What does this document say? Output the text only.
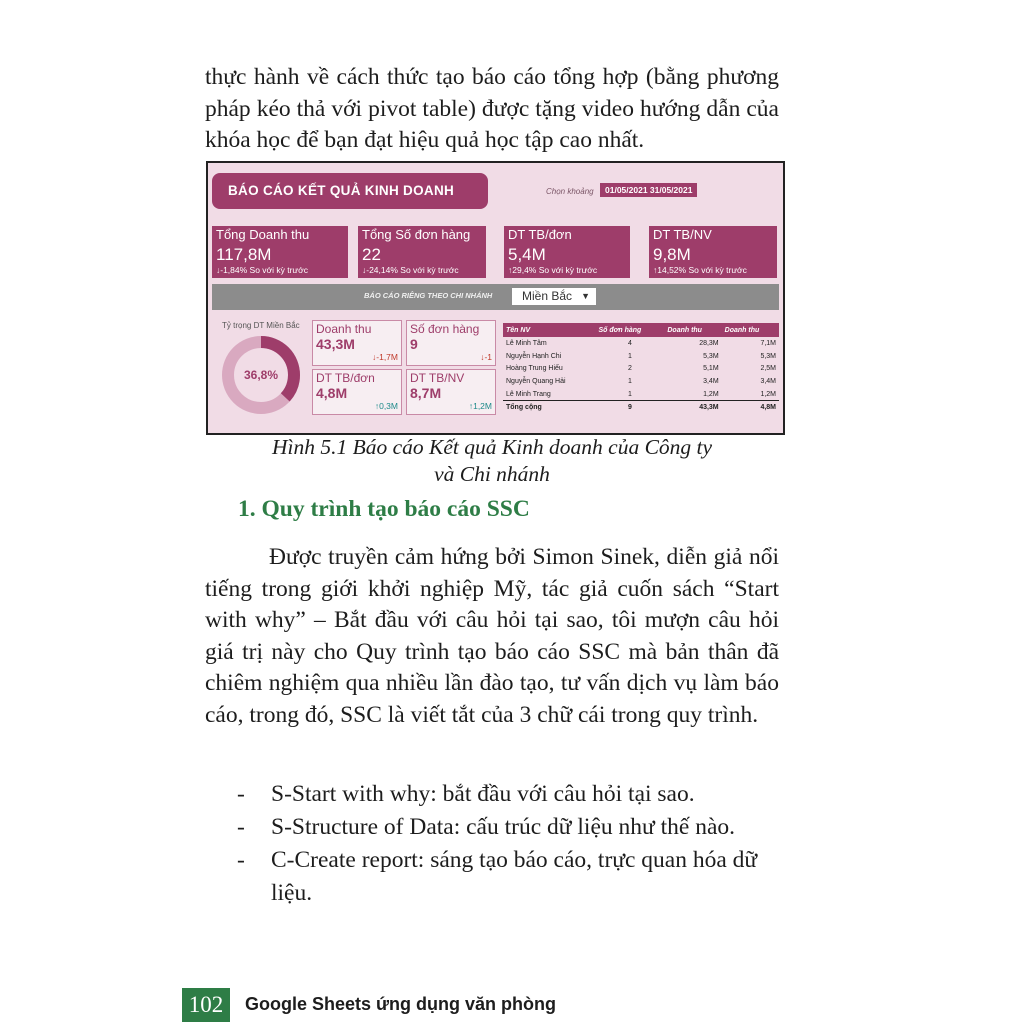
thực hành về cách thức tạo báo cáo tổng hợp (bằng phương pháp kéo thả với pivot table) được tặng video hướng dẫn của khóa học để bạn đạt hiệu quả học tập cao nhất.
BÁO CÁO KẾT QUẢ KINH DOANH	Chọn khoảng	01/05/2021 31/05/2021
Tổng Doanh thu
117,8M
↓-1,84% So với kỳ trước
Tổng Số đơn hàng
22
↓-24,14% So với kỳ trước
DT TB/đơn
5,4M
↑29,4% So với kỳ trước
DT TB/NV
9,8M
↑14,52% So với kỳ trước
BÁO CÁO RIÊNG THEO CHI NHÁNH	Miền Bắc ▼
Tỷ trọng DT Miền Bắc
36,8%
Doanh thu
43,3M
↓-1,7M
Số đơn hàng
9
↓-1
DT TB/đơn
4,8M
↑0,3M
DT TB/NV
8,7M
↑1,2M
Tên NV	Số đơn hàng	Doanh thu	Doanh thu
Lê Minh Tâm	4	28,3M	7,1M
Nguyễn Hạnh Chi	1	5,3M	5,3M
Hoàng Trung Hiếu	2	5,1M	2,5M
Nguyễn Quang Hải	1	3,4M	3,4M
Lê Minh Trang	1	1,2M	1,2M
Tổng cộng	9	43,3M	4,8M
Hình 5.1 Báo cáo Kết quả Kinh doanh của Công ty
và Chi nhánh
1. Quy trình tạo báo cáo SSC
Được truyền cảm hứng bởi Simon Sinek, diễn giả nổi tiếng trong giới khởi nghiệp Mỹ, tác giả cuốn sách “Start with why” – Bắt đầu với câu hỏi tại sao, tôi mượn câu hỏi giá trị này cho Quy trình tạo báo cáo SSC mà bản thân đã chiêm nghiệm qua nhiều lần đào tạo, tư vấn dịch vụ làm báo cáo, trong đó, SSC là viết tắt của 3 chữ cái trong quy trình.
- S-Start with why: bắt đầu với câu hỏi tại sao.
- S-Structure of Data: cấu trúc dữ liệu như thế nào.
- C-Create report: sáng tạo báo cáo, trực quan hóa dữ liệu.
102	Google Sheets ứng dụng văn phòng
